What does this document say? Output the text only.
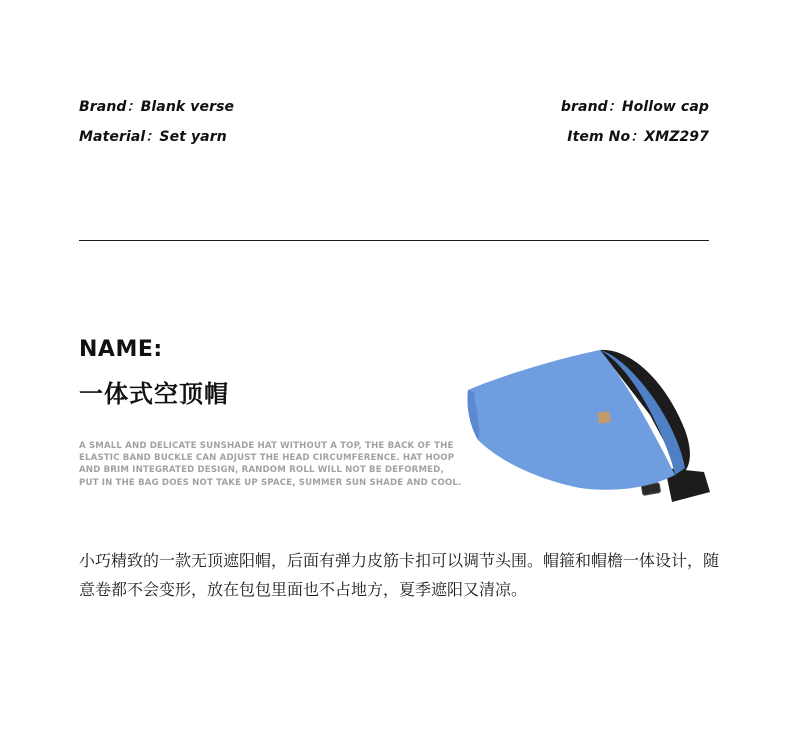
Brand：Blank verse
Material：Set yarn
brand：Hollow cap
Item No：XMZ297
NAME:
一体式空顶帽
A SMALL AND DELICATE SUNSHADE HAT WITHOUT A TOP, THE BACK OF THE ELASTIC BAND BUCKLE CAN ADJUST THE HEAD CIRCUMFERENCE. HAT HOOP AND BRIM INTEGRATED DESIGN, RANDOM ROLL WILL NOT BE DEFORMED, PUT IN THE BAG DOES NOT TAKE UP SPACE, SUMMER SUN SHADE AND COOL.
小巧精致的一款无顶遮阳帽，后面有弹力皮筋卡扣可以调节头围。帽箍和帽檐一体设计，随意卷都不会变形，放在包包里面也不占地方，夏季遮阳又清凉。
